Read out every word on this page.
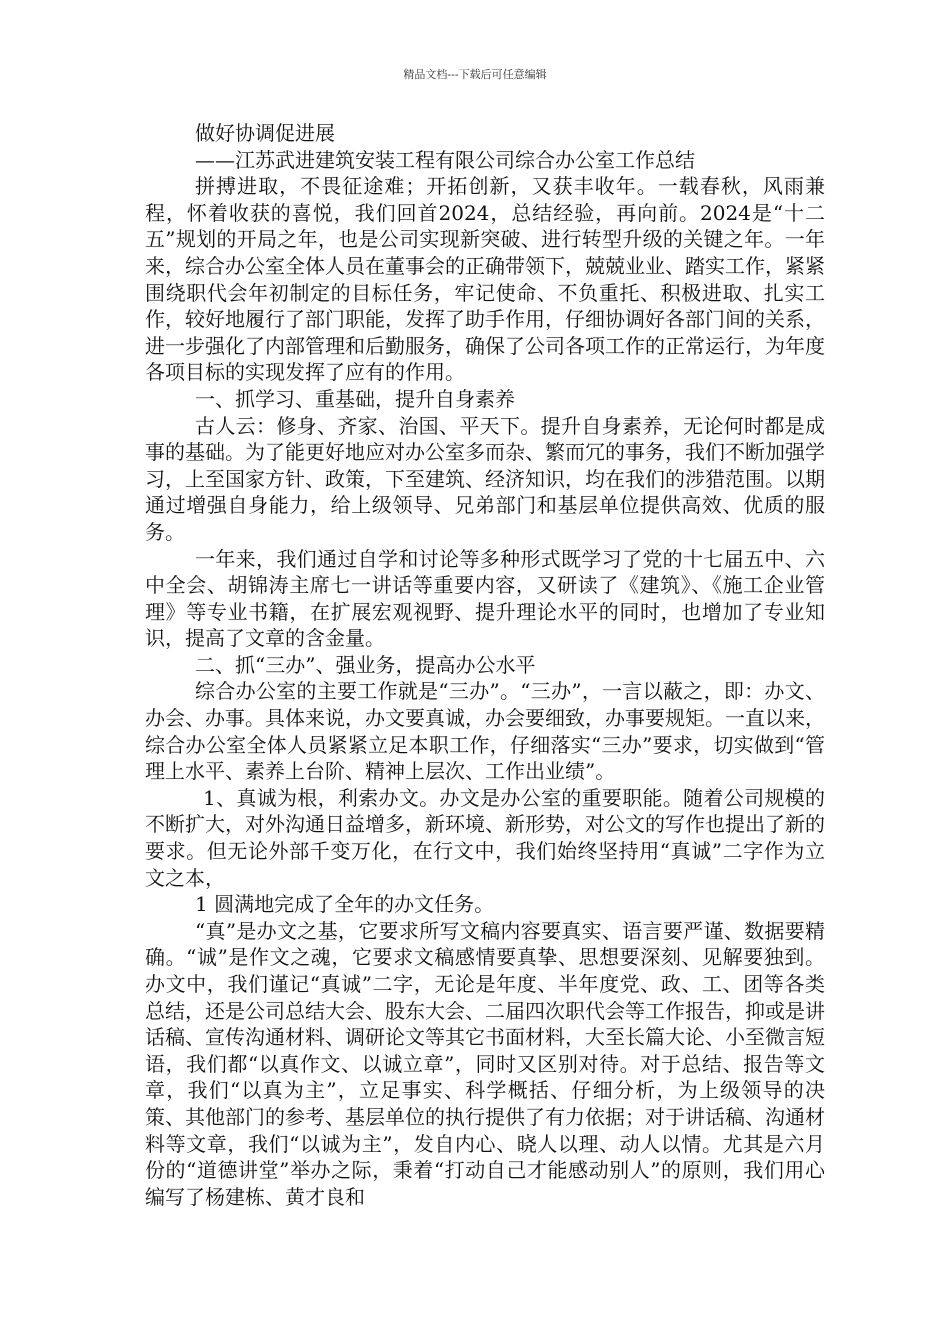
精品文档---下载后可任意编辑

做好协调促进展

——江苏武进建筑安装工程有限公司综合办公室工作总结

拼搏进取，不畏征途难；开拓创新，又获丰收年。一载春秋，风雨兼程，怀着收获的喜悦，我们回首2024，总结经验，再向前。2024是“十二五”规划的开局之年，也是公司实现新突破、进行转型升级的关键之年。一年来，综合办公室全体人员在董事会的正确带领下，兢兢业业、踏实工作，紧紧围绕职代会年初制定的目标任务，牢记使命、不负重托、积极进取、扎实工作，较好地履行了部门职能，发挥了助手作用，仔细协调好各部门间的关系，进一步强化了内部管理和后勤服务，确保了公司各项工作的正常运行，为年度各项目标的实现发挥了应有的作用。

一、抓学习、重基础，提升自身素养

古人云：修身、齐家、治国、平天下。提升自身素养，无论何时都是成事的基础。为了能更好地应对办公室多而杂、繁而冗的事务，我们不断加强学习，上至国家方针、政策，下至建筑、经济知识，均在我们的涉猎范围。以期通过增强自身能力，给上级领导、兄弟部门和基层单位提供高效、优质的服务。

一年来，我们通过自学和讨论等多种形式既学习了党的十七届五中、六中全会、胡锦涛主席七一讲话等重要内容，又研读了《建筑》、《施工企业管理》等专业书籍，在扩展宏观视野、提升理论水平的同时，也增加了专业知识，提高了文章的含金量。

二、抓“三办”、强业务，提高办公水平

综合办公室的主要工作就是“三办”。“三办”，一言以蔽之，即：办文、办会、办事。具体来说，办文要真诚，办会要细致，办事要规矩。一直以来，综合办公室全体人员紧紧立足本职工作，仔细落实“三办”要求，切实做到“管理上水平、素养上台阶、精神上层次、工作出业绩”。

1、真诚为根，利索办文。办文是办公室的重要职能。随着公司规模的不断扩大，对外沟通日益增多，新环境、新形势，对公文的写作也提出了新的要求。但无论外部千变万化，在行文中，我们始终坚持用“真诚”二字作为立文之本，

1 圆满地完成了全年的办文任务。

“真”是办文之基，它要求所写文稿内容要真实、语言要严谨、数据要精确。“诚”是作文之魂，它要求文稿感情要真挚、思想要深刻、见解要独到。办文中，我们谨记“真诚”二字，无论是年度、半年度党、政、工、团等各类总结，还是公司总结大会、股东大会、二届四次职代会等工作报告，抑或是讲话稿、宣传沟通材料、调研论文等其它书面材料，大至长篇大论、小至微言短语，我们都“以真作文、以诚立章”，同时又区别对待。对于总结、报告等文章，我们“以真为主”，立足事实、科学概括、仔细分析，为上级领导的决策、其他部门的参考、基层单位的执行提供了有力依据；对于讲话稿、沟通材料等文章，我们“以诚为主”，发自内心、晓人以理、动人以情。尤其是六月份的“道德讲堂”举办之际，秉着“打动自己才能感动别人”的原则，我们用心编写了杨建栋、黄才良和
